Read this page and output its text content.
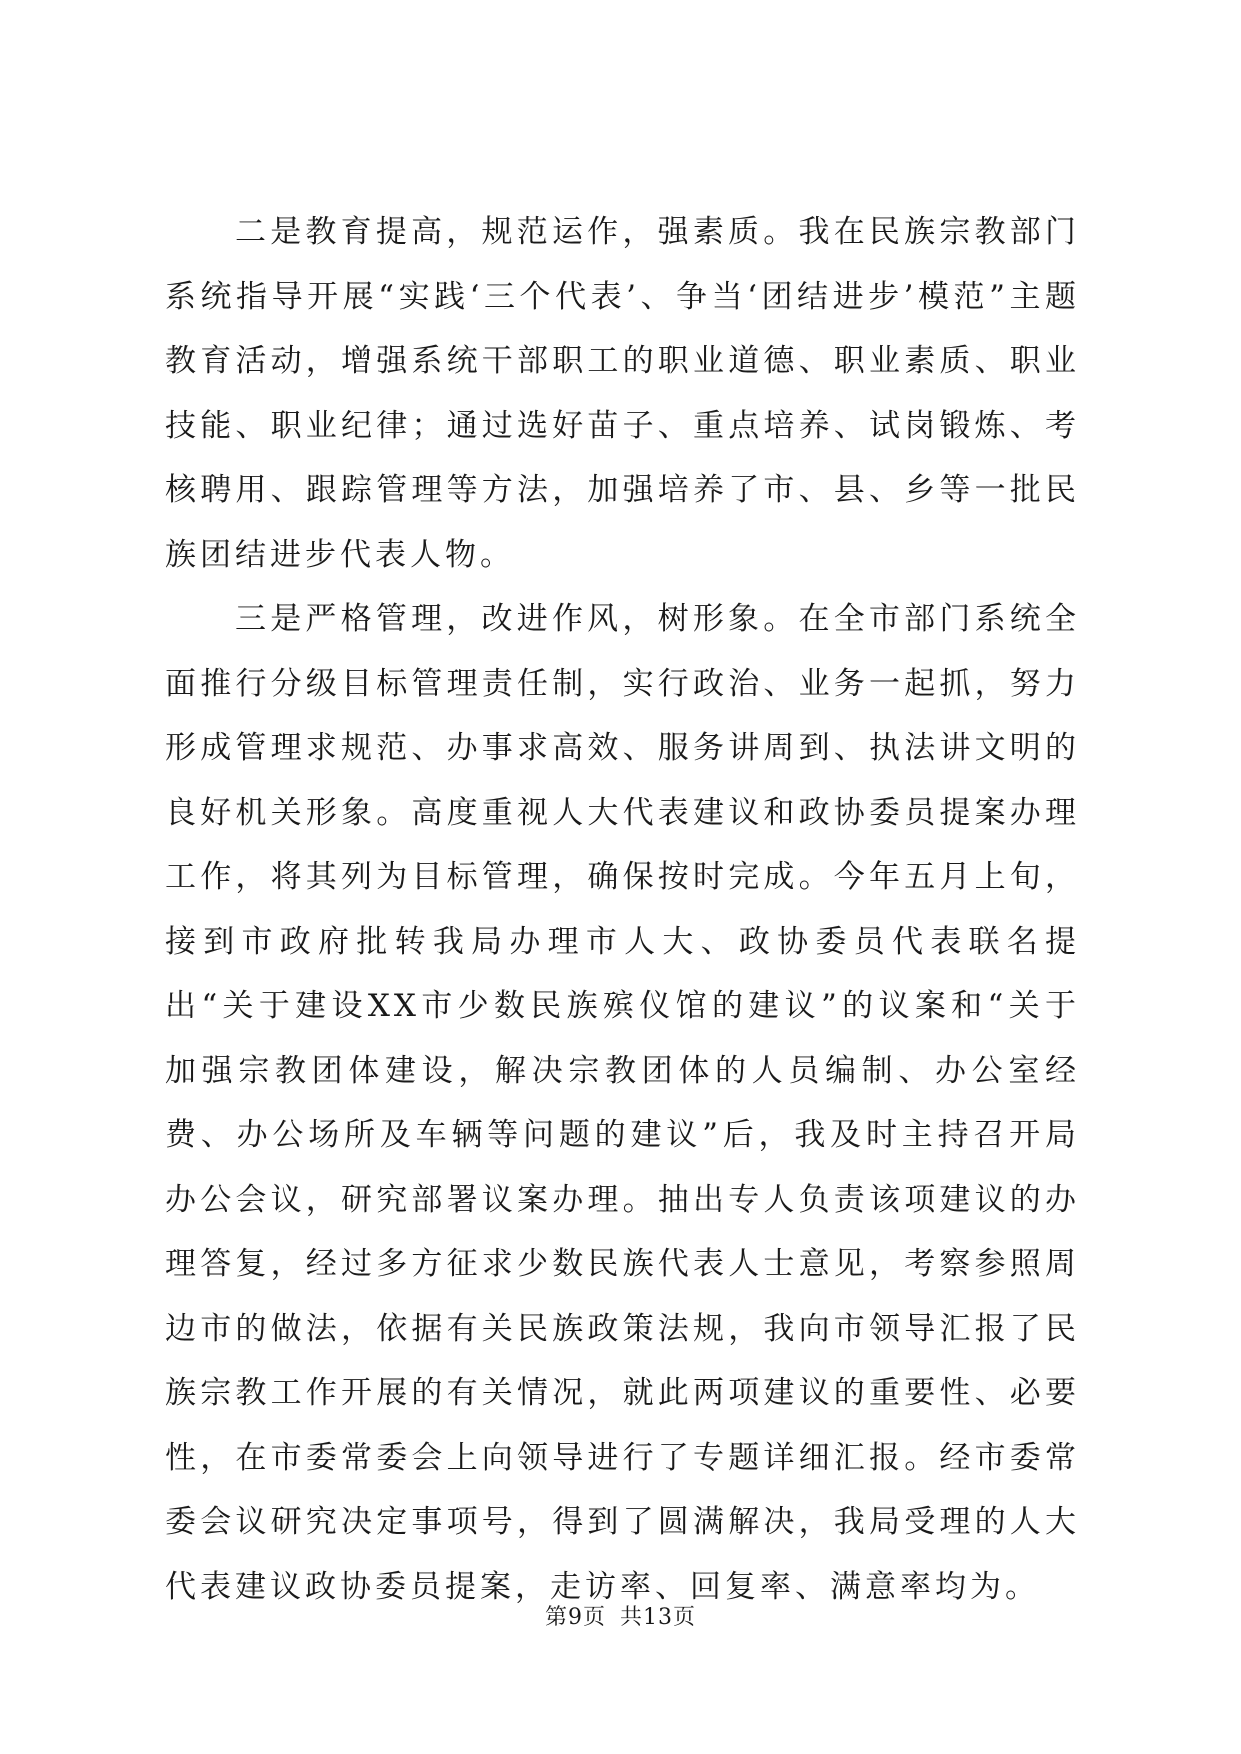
二是教育提高，规范运作，强素质。我在民族宗教部门系统指导开展“实践‘三个代表’、争当‘团结进步’模范”主题教育活动，增强系统干部职工的职业道德、职业素质、职业技能、职业纪律；通过选好苗子、重点培养、试岗锻炼、考核聘用、跟踪管理等方法，加强培养了市、县、乡等一批民族团结进步代表人物。

三是严格管理，改进作风，树形象。在全市部门系统全面推行分级目标管理责任制，实行政治、业务一起抓，努力形成管理求规范、办事求高效、服务讲周到、执法讲文明的良好机关形象。高度重视人大代表建议和政协委员提案办理工作，将其列为目标管理，确保按时完成。今年五月上旬，接到市政府批转我局办理市人大、政协委员代表联名提出“关于建设XX市少数民族殡仪馆的建议”的议案和“关于加强宗教团体建设，解决宗教团体的人员编制、办公室经费、办公场所及车辆等问题的建议”后，我及时主持召开局办公会议，研究部署议案办理。抽出专人负责该项建议的办理答复，经过多方征求少数民族代表人士意见，考察参照周边市的做法，依据有关民族政策法规，我向市领导汇报了民族宗教工作开展的有关情况，就此两项建议的重要性、必要性，在市委常委会上向领导进行了专题详细汇报。经市委常委会议研究决定事项号，得到了圆满解决，我局受理的人大代表建议政协委员提案，走访率、回复率、满意率均为。

第9页 共13页
